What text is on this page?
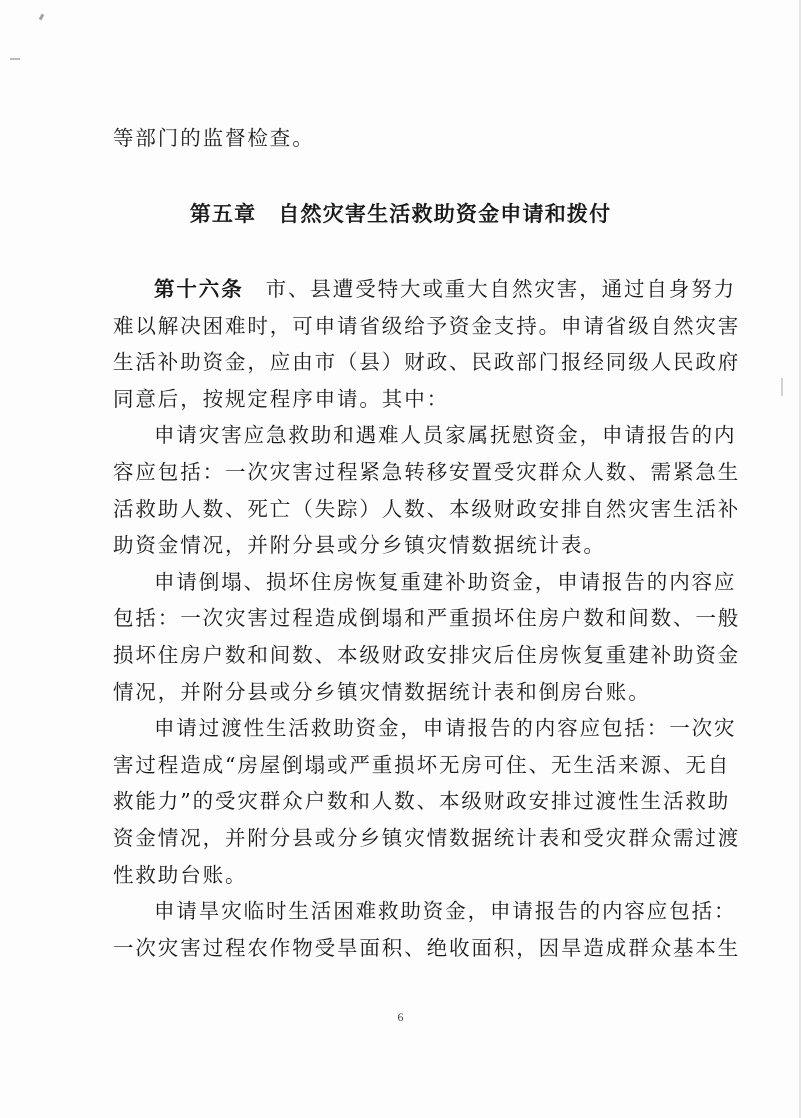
等部门的监督检查。

第五章 自然灾害生活救助资金申请和拨付

第十六条 市、县遭受特大或重大自然灾害，通过自身努力

难以解决困难时，可申请省级给予资金支持。申请省级自然灾害

生活补助资金，应由市（县）财政、民政部门报经同级人民政府

同意后，按规定程序申请。其中：

申请灾害应急救助和遇难人员家属抚慰资金，申请报告的内

容应包括：一次灾害过程紧急转移安置受灾群众人数、需紧急生

活救助人数、死亡（失踪）人数、本级财政安排自然灾害生活补

助资金情况，并附分县或分乡镇灾情数据统计表。

申请倒塌、损坏住房恢复重建补助资金，申请报告的内容应

包括：一次灾害过程造成倒塌和严重损坏住房户数和间数、一般

损坏住房户数和间数、本级财政安排灾后住房恢复重建补助资金

情况，并附分县或分乡镇灾情数据统计表和倒房台账。

申请过渡性生活救助资金，申请报告的内容应包括：一次灾

害过程造成“房屋倒塌或严重损坏无房可住、无生活来源、无自

救能力”的受灾群众户数和人数、本级财政安排过渡性生活救助

资金情况，并附分县或分乡镇灾情数据统计表和受灾群众需过渡

性救助台账。

申请旱灾临时生活困难救助资金，申请报告的内容应包括：

一次灾害过程农作物受旱面积、绝收面积，因旱造成群众基本生

6
